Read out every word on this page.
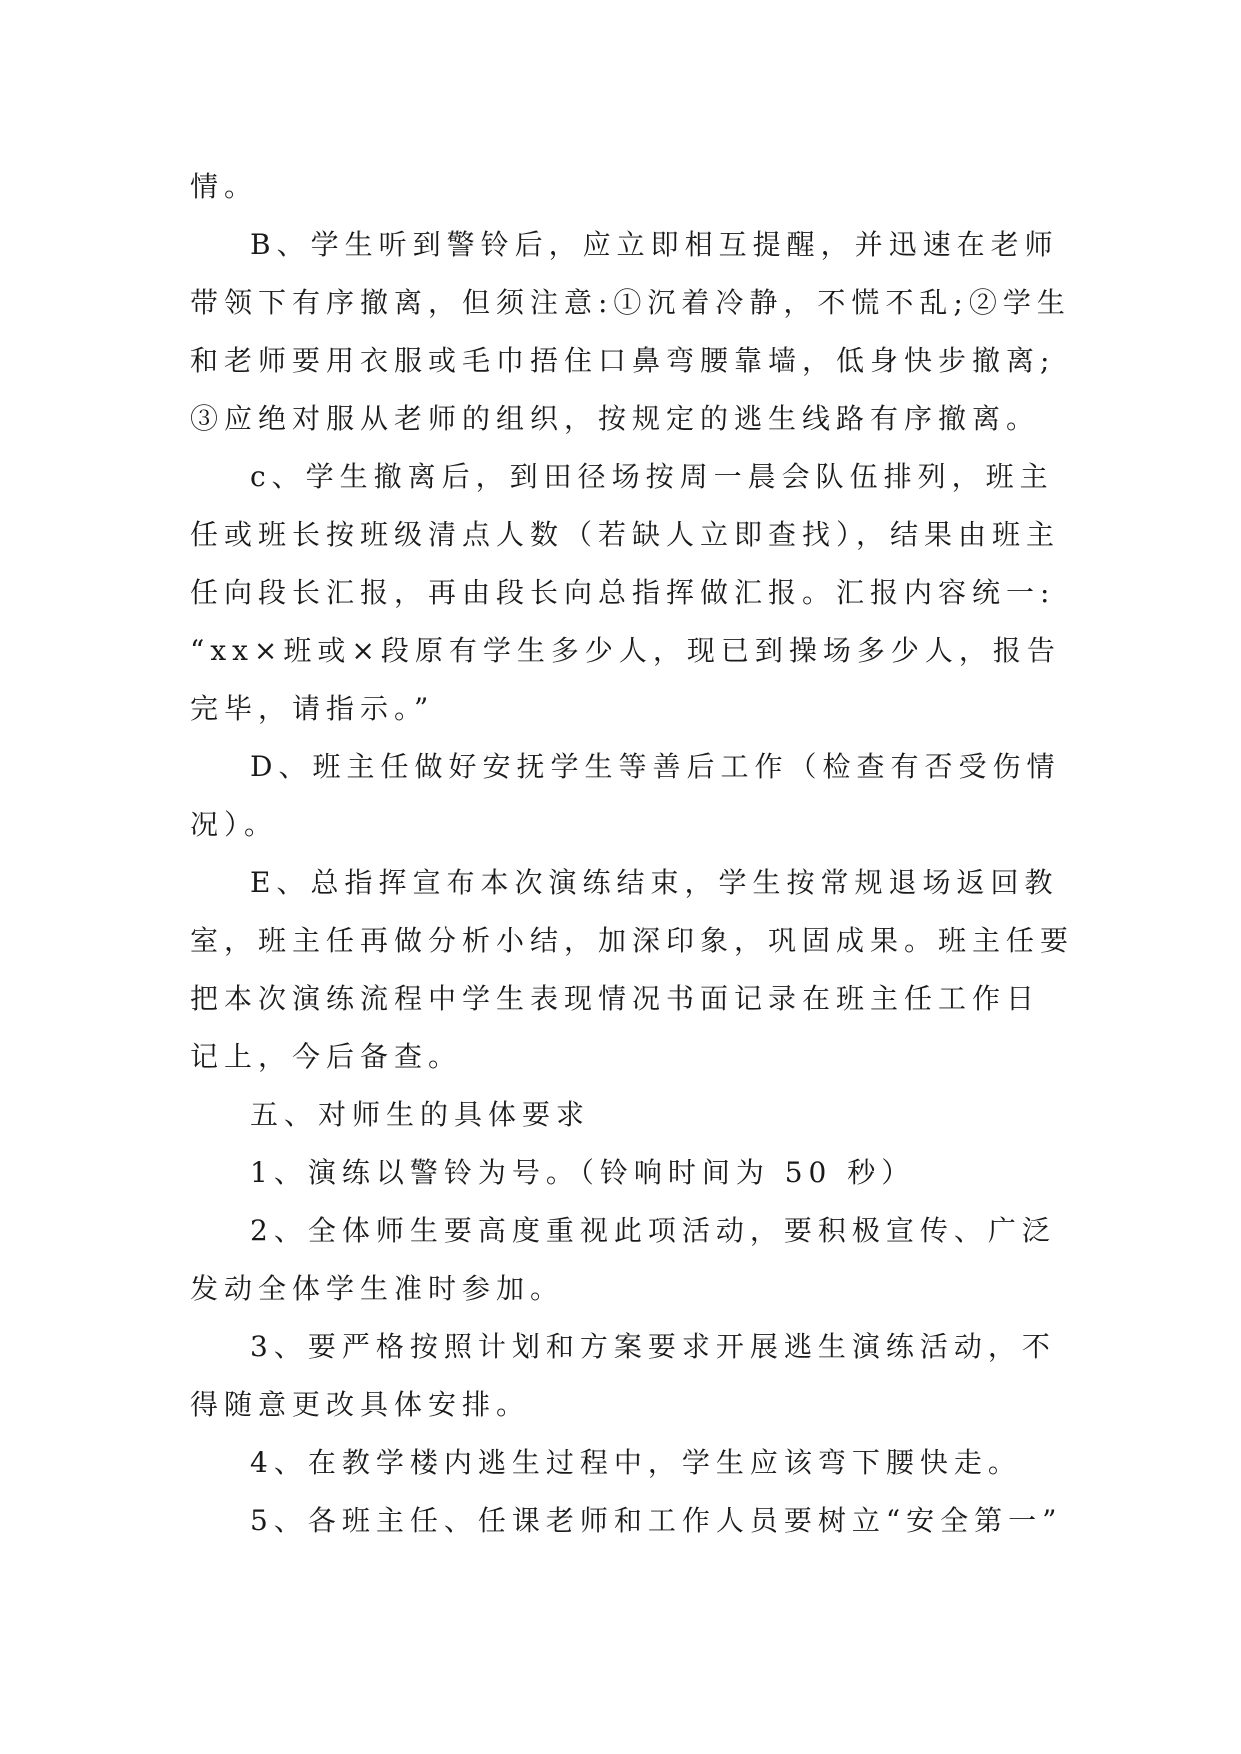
情。
B、学生听到警铃后，应立即相互提醒，并迅速在老师
带领下有序撤离，但须注意:①沉着冷静，不慌不乱;②学生
和老师要用衣服或毛巾捂住口鼻弯腰靠墙，低身快步撤离;
③应绝对服从老师的组织，按规定的逃生线路有序撤离。
c、学生撤离后，到田径场按周一晨会队伍排列，班主
任或班长按班级清点人数（若缺人立即查找），结果由班主
任向段长汇报，再由段长向总指挥做汇报。汇报内容统一:
“xx×班或×段原有学生多少人，现已到操场多少人，报告
完毕，请指示。”
D、班主任做好安抚学生等善后工作（检查有否受伤情
况）。
E、总指挥宣布本次演练结束，学生按常规退场返回教
室，班主任再做分析小结，加深印象，巩固成果。班主任要
把本次演练流程中学生表现情况书面记录在班主任工作日
记上，今后备查。
五、对师生的具体要求
1、演练以警铃为号。（铃响时间为 50 秒）
2、全体师生要高度重视此项活动，要积极宣传、广泛
发动全体学生准时参加。
3、要严格按照计划和方案要求开展逃生演练活动，不
得随意更改具体安排。
4、在教学楼内逃生过程中，学生应该弯下腰快走。
5、各班主任、任课老师和工作人员要树立“安全第一”
